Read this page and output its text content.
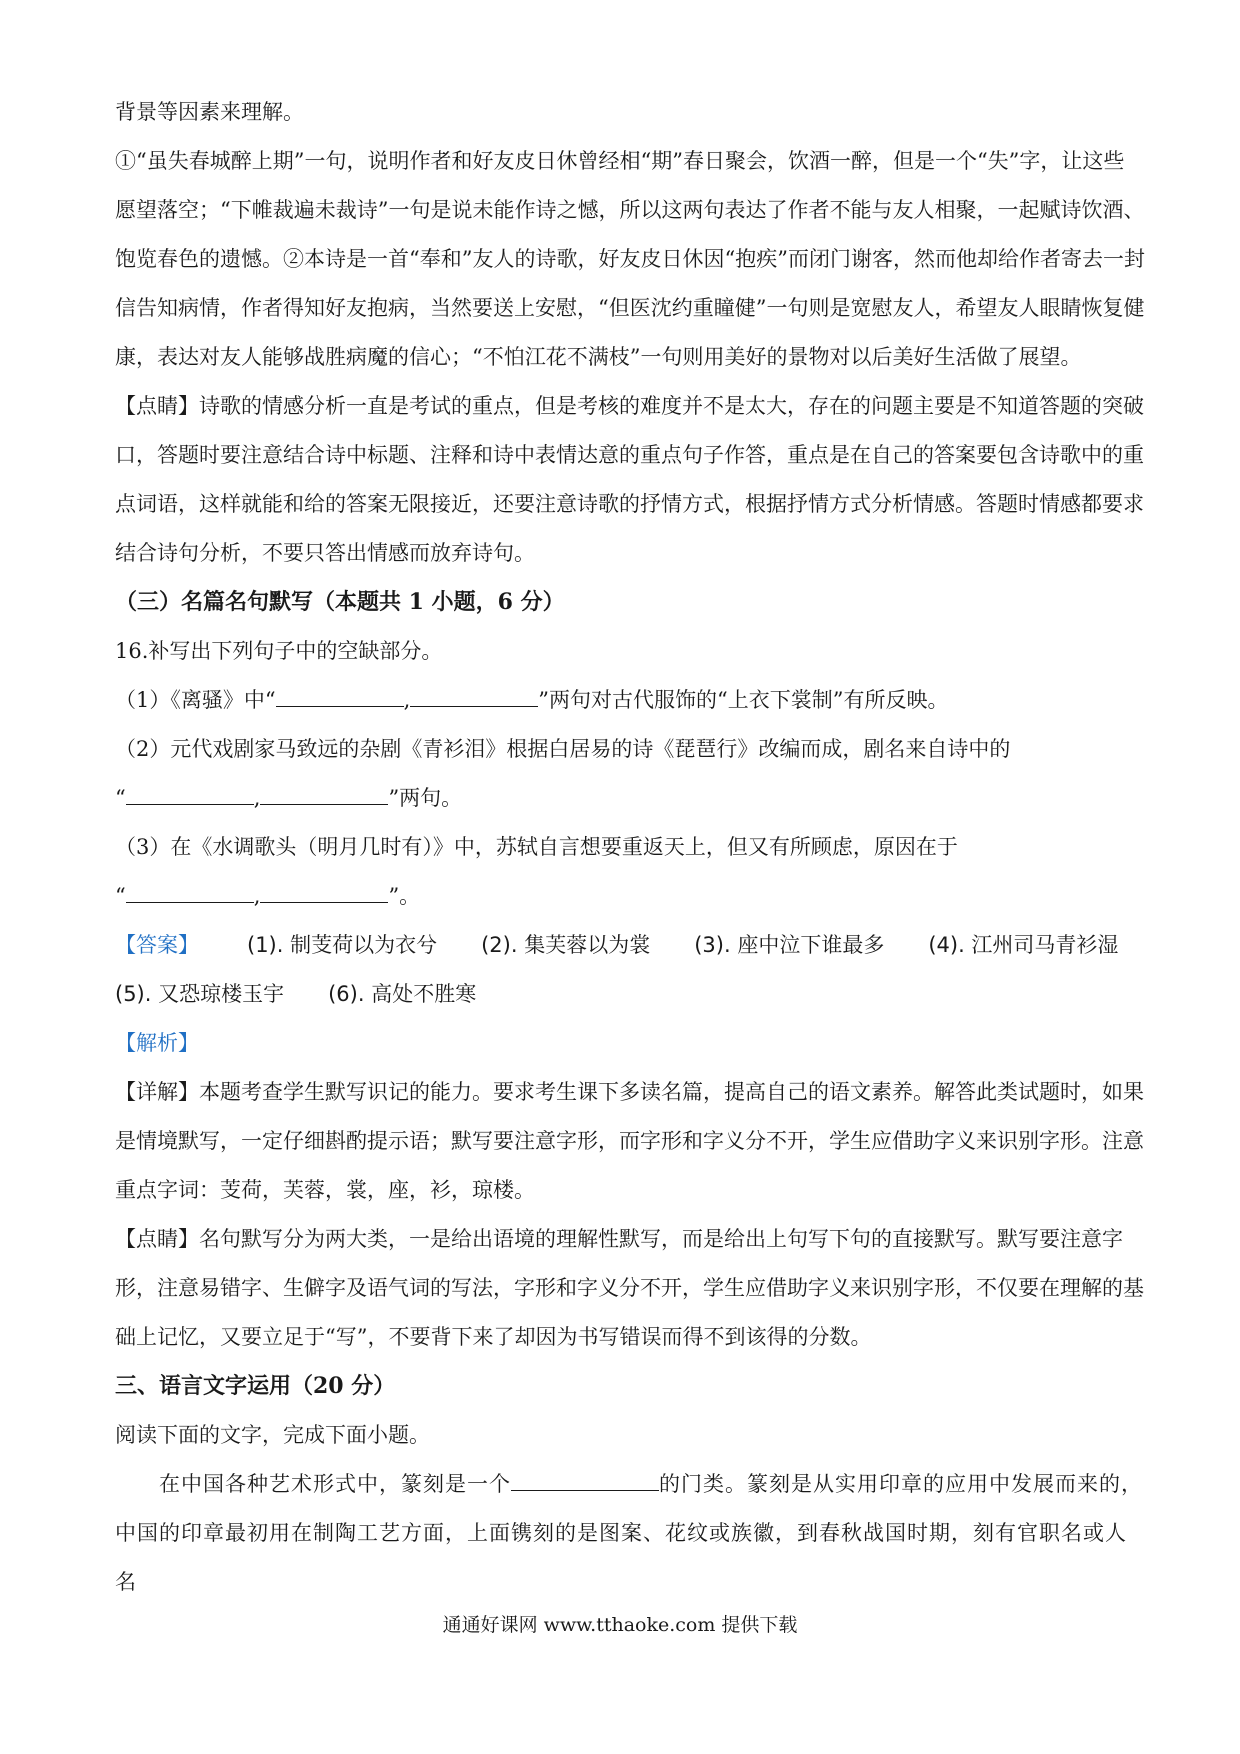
背景等因素来理解。

①“虽失春城醉上期”一句，说明作者和好友皮日休曾经相“期”春日聚会，饮酒一醉，但是一个“失”字，让这些愿望落空；“下帷裁遍未裁诗”一句是说未能作诗之憾，所以这两句表达了作者不能与友人相聚，一起赋诗饮酒、饱览春色的遗憾。②本诗是一首“奉和”友人的诗歌，好友皮日休因“抱疾”而闭门谢客，然而他却给作者寄去一封信告知病情，作者得知好友抱病，当然要送上安慰，“但医沈约重瞳健”一句则是宽慰友人，希望友人眼睛恢复健康，表达对友人能够战胜病魔的信心；“不怕江花不满枝”一句则用美好的景物对以后美好生活做了展望。

【点睛】诗歌的情感分析一直是考试的重点，但是考核的难度并不是太大，存在的问题主要是不知道答题的突破口，答题时要注意结合诗中标题、注释和诗中表情达意的重点句子作答，重点是在自己的答案要包含诗歌中的重点词语，这样就能和给的答案无限接近，还要注意诗歌的抒情方式，根据抒情方式分析情感。答题时情感都要求结合诗句分析，不要只答出情感而放弃诗句。

（三）名篇名句默写（本题共 1 小题，6 分）

16.补写出下列句子中的空缺部分。

（1）《离骚》中“	,	”两句对古代服饰的“上衣下裳制”有所反映。

（2）元代戏剧家马致远的杂剧《青衫泪》根据白居易的诗《琵琶行》改编而成，剧名来自诗中的

“	,	”两句。

（3）在《水调歌头（明月几时有）》中，苏轼自言想要重返天上，但又有所顾虑，原因在于

“	,	”。

【答案】 (1). 制芰荷以为衣兮 (2). 集芙蓉以为裳 (3). 座中泣下谁最多 (4). 江州司马青衫湿
(5). 又恐琼楼玉宇 (6). 高处不胜寒

【解析】

【详解】本题考查学生默写识记的能力。要求考生课下多读名篇，提高自己的语文素养。解答此类试题时，如果是情境默写，一定仔细斟酌提示语；默写要注意字形，而字形和字义分不开，学生应借助字义来识别字形。注意重点字词：芰荷，芙蓉，裳，座，衫，琼楼。

【点睛】名句默写分为两大类，一是给出语境的理解性默写，而是给出上句写下句的直接默写。默写要注意字形，注意易错字、生僻字及语气词的写法，字形和字义分不开，学生应借助字义来识别字形，不仅要在理解的基础上记忆，又要立足于“写”，不要背下来了却因为书写错误而得不到该得的分数。

三、语言文字运用（20 分）

阅读下面的文字，完成下面小题。

在中国各种艺术形式中，篆刻是一个	的门类。篆刻是从实用印章的应用中发展而来的，中国的印章最初用在制陶工艺方面，上面镌刻的是图案、花纹或族徽，到春秋战国时期，刻有官职名或人名

通通好课网 www.tthaoke.com 提供下载
